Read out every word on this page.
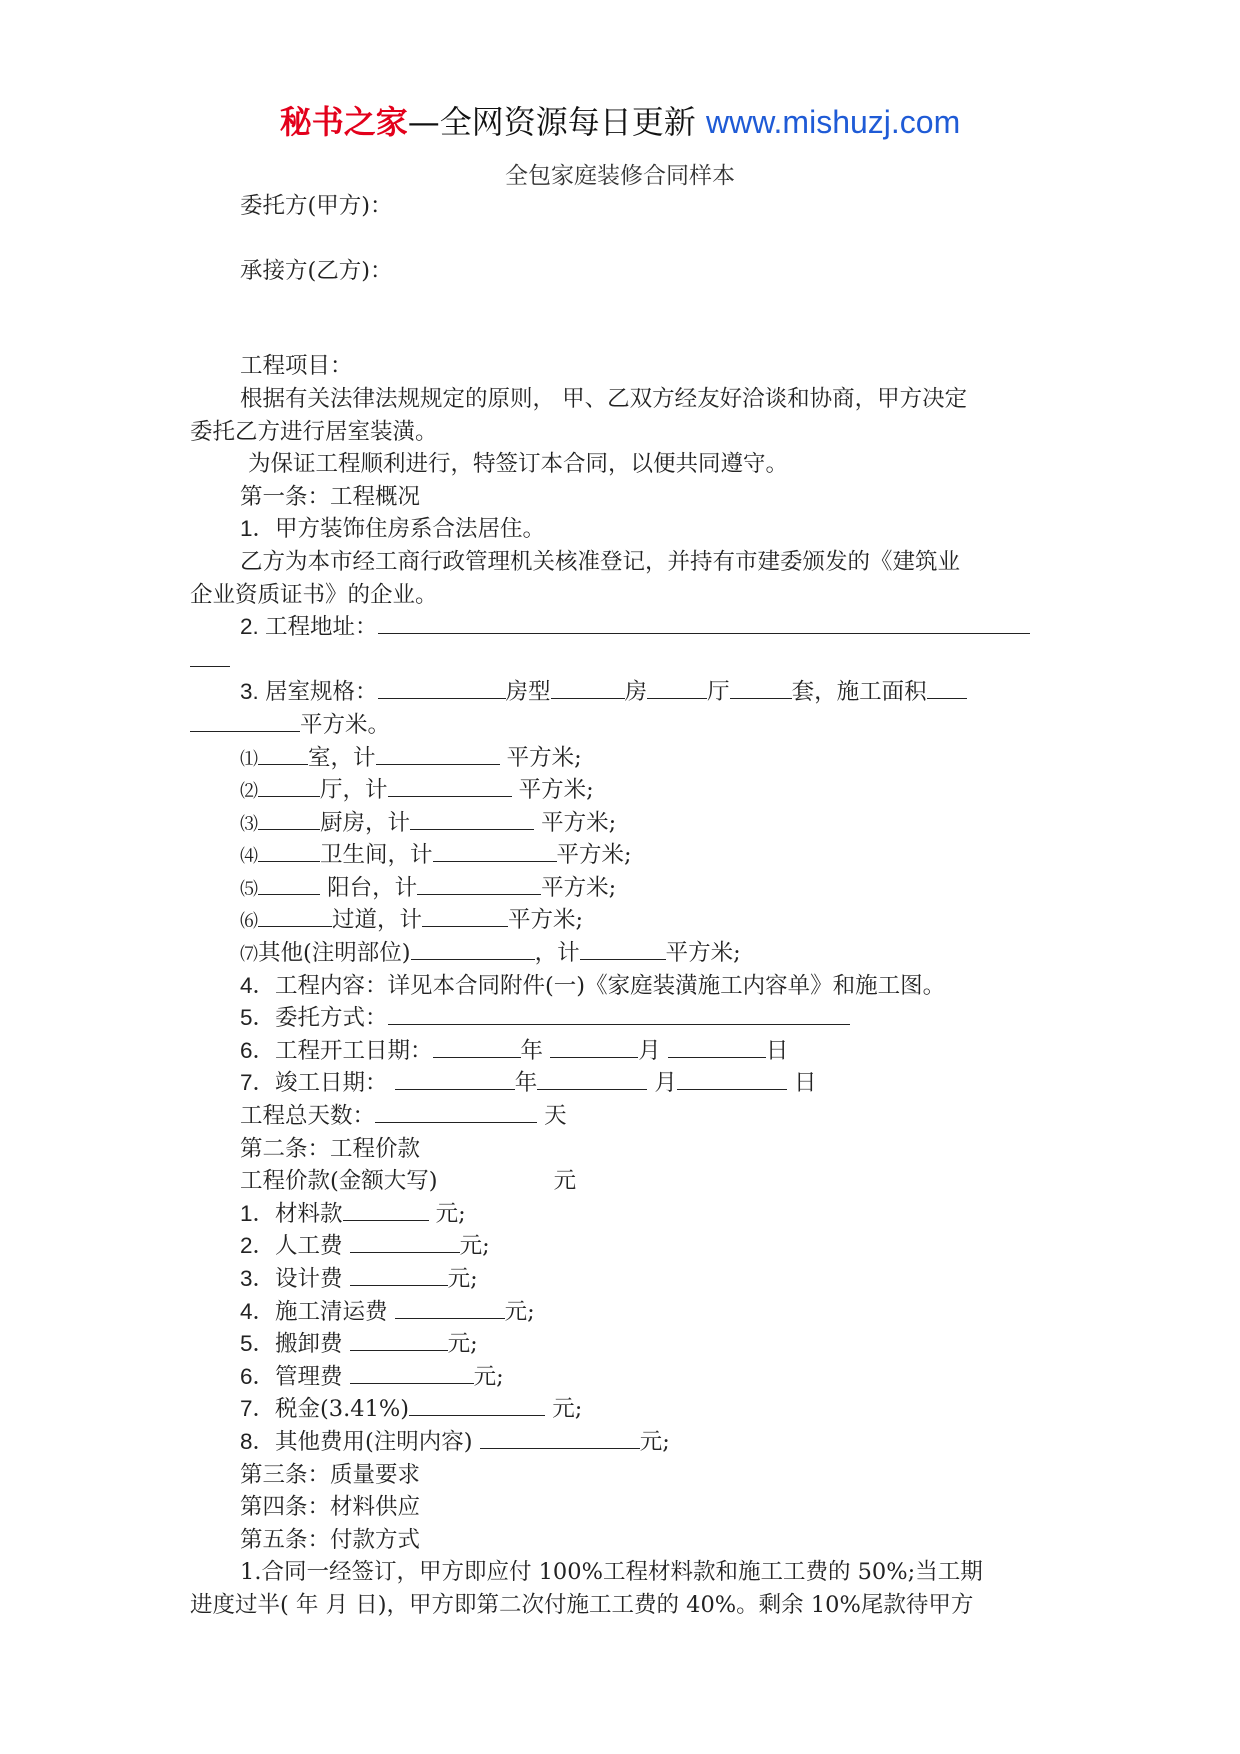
秘书之家—全网资源每日更新 www.mishuzj.com
全包家庭装修合同样本
委托方(甲方)：
承接方(乙方)：
工程项目：
根据有关法律法规规定的原则， 甲、乙双方经友好洽谈和协商，甲方决定
委托乙方进行居室装潢。
为保证工程顺利进行，特签订本合同，以便共同遵守。
第一条：工程概况
1．甲方装饰住房系合法居住。
乙方为本市经工商行政管理机关核准登记，并持有市建委颁发的《建筑业
企业资质证书》的企业。
2. 工程地址：
3. 居室规格：	房型	房	厅	套，施工面积
平方米。
⑴ 室，计	平方米;
⑵	厅，计	平方米;
⑶	厨房，计	平方米;
⑷	卫生间，计	平方米;
⑸	阳台，计	平方米;
⑹	过道，计	平方米;
⑺其他(注明部位)	，计	平方米;
4．工程内容：详见本合同附件(一)《家庭装潢施工内容单》和施工图。
5．委托方式：
6．工程开工日期：	年	月	日
7．竣工日期：	年	月	日
工程总天数：	天
第二条：工程价款
工程价款(金额大写)	元
1．材料款	元;
2．人工费	元;
3．设计费	元;
4．施工清运费	元;
5．搬卸费	元;
6．管理费	元;
7．税金(3.41%)	元;
8．其他费用(注明内容)	元;
第三条：质量要求
第四条：材料供应
第五条：付款方式
1.合同一经签订，甲方即应付 100%工程材料款和施工工费的 50%;当工期
进度过半( 年 月 日)，甲方即第二次付施工工费的 40%。剩余 10%尾款待甲方
